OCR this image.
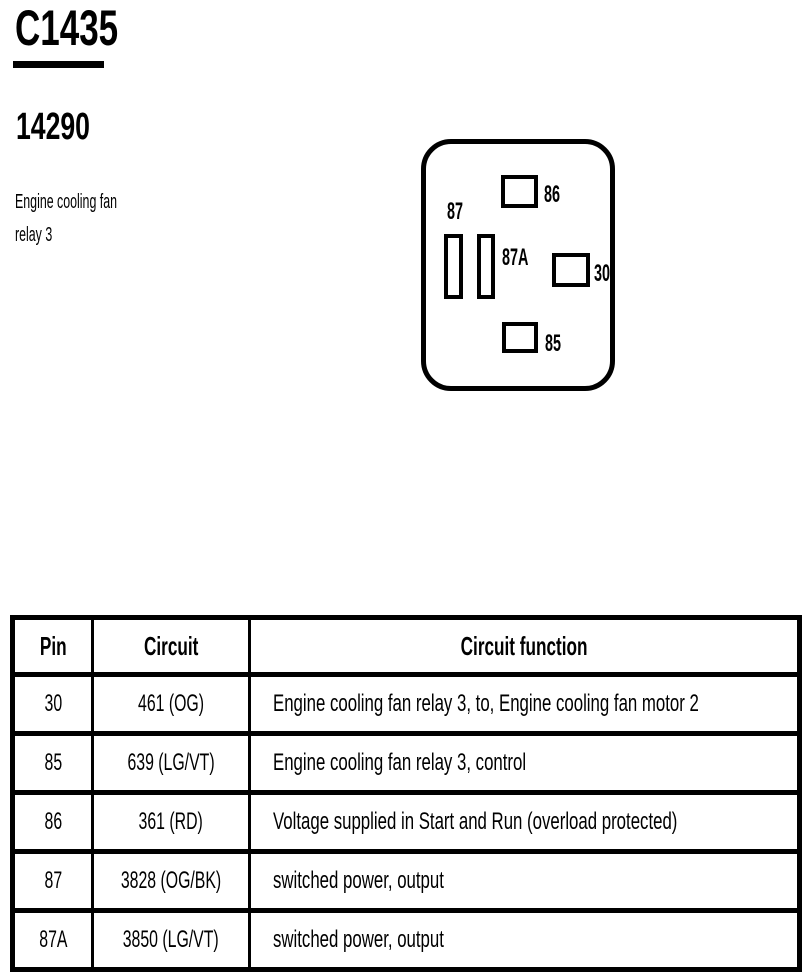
C1435
14290
Engine cooling fan
relay 3
86
87
87A
30
85
Pin	Circuit	Circuit function
30	461 (OG)	Engine cooling fan relay 3, to, Engine cooling fan motor 2
85	639 (LG/VT)	Engine cooling fan relay 3, control
86	361 (RD)	Voltage supplied in Start and Run (overload protected)
87	3828 (OG/BK)	switched power, output
87A	3850 (LG/VT)	switched power, output
